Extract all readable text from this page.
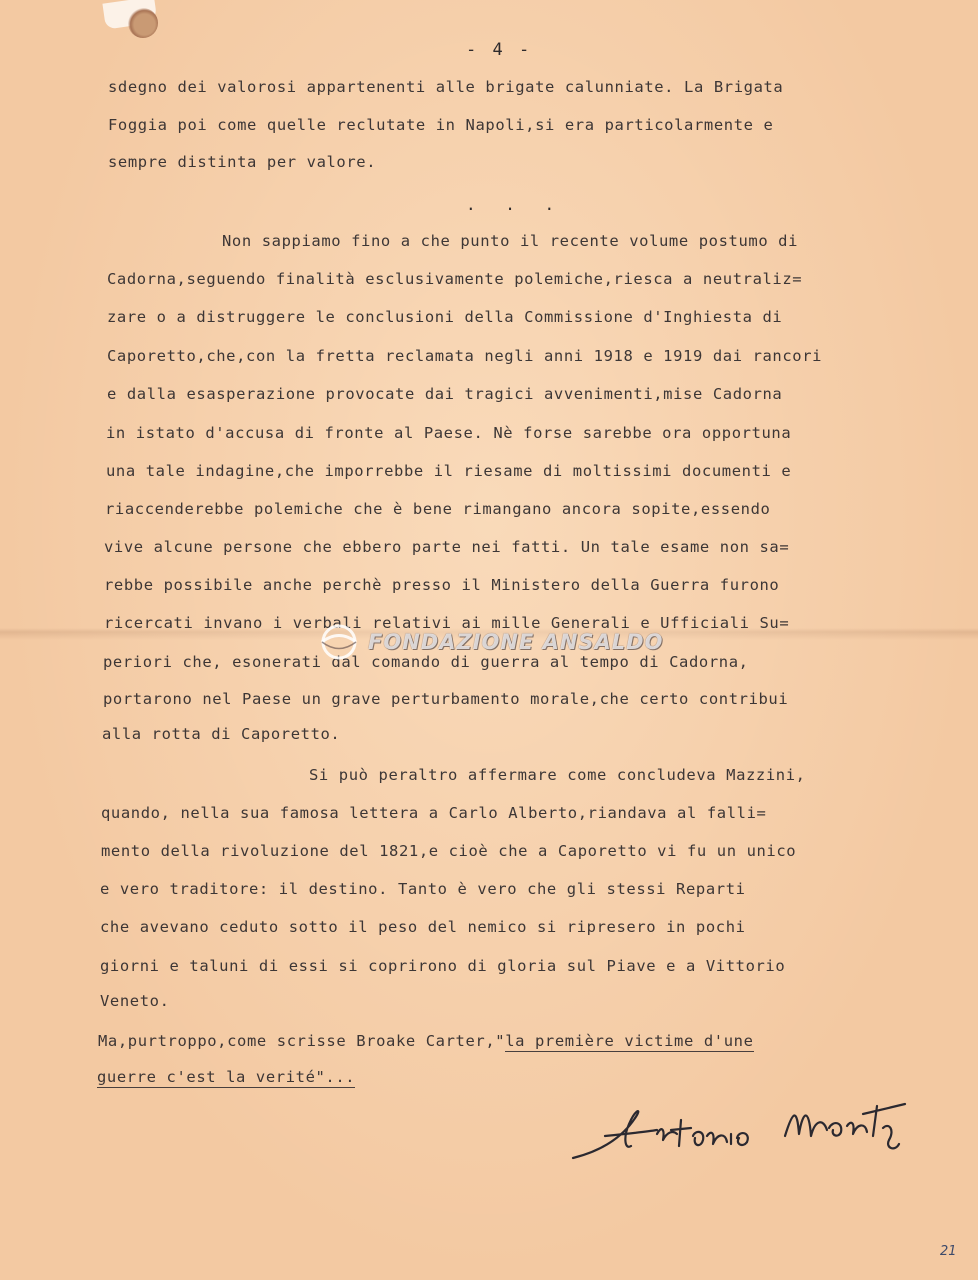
- 4 -
sdegno dei valorosi appartenenti alle brigate calunniate. La Brigata
Foggia poi come quelle reclutate in Napoli,si era particolarmente e
sempre distinta per valore.
. . .
Non sappiamo fino a che punto il recente volume postumo di
Cadorna,seguendo finalità esclusivamente polemiche,riesca a neutraliz=
zare o a distruggere le conclusioni della Commissione d'Inghiesta di
Caporetto,che,con la fretta reclamata negli anni 1918 e 1919 dai rancori
e dalla esasperazione provocate dai tragici avvenimenti,mise Cadorna
in istato d'accusa di fronte al Paese. Nè forse sarebbe ora opportuna
una tale indagine,che imporrebbe il riesame di moltissimi documenti e
riaccenderebbe polemiche che è bene rimangano ancora sopite,essendo
vive alcune persone che ebbero parte nei fatti. Un tale esame non sa=
rebbe possibile anche perchè presso il Ministero della Guerra furono
ricercati invano i verbali relativi ai mille Generali e Ufficiali Su=
periori che, esonerati dal comando di guerra al tempo di Cadorna,
portarono nel Paese un grave perturbamento morale,che certo contribui
alla rotta di Caporetto.
Si può peraltro affermare come concludeva Mazzini,
quando, nella sua famosa lettera a Carlo Alberto,riandava al falli=
mento della rivoluzione del 1821,e cioè che a Caporetto vi fu un unico
e vero traditore: il destino. Tanto è vero che gli stessi Reparti
che avevano ceduto sotto il peso del nemico si ripresero in pochi
giorni e taluni di essi si coprirono di gloria sul Piave e a Vittorio
Veneto.
Ma,purtroppo,come scrisse Broake Carter,"la première victime d'une
guerre c'est la verité"...
FONDAZIONE ANSALDO
21
